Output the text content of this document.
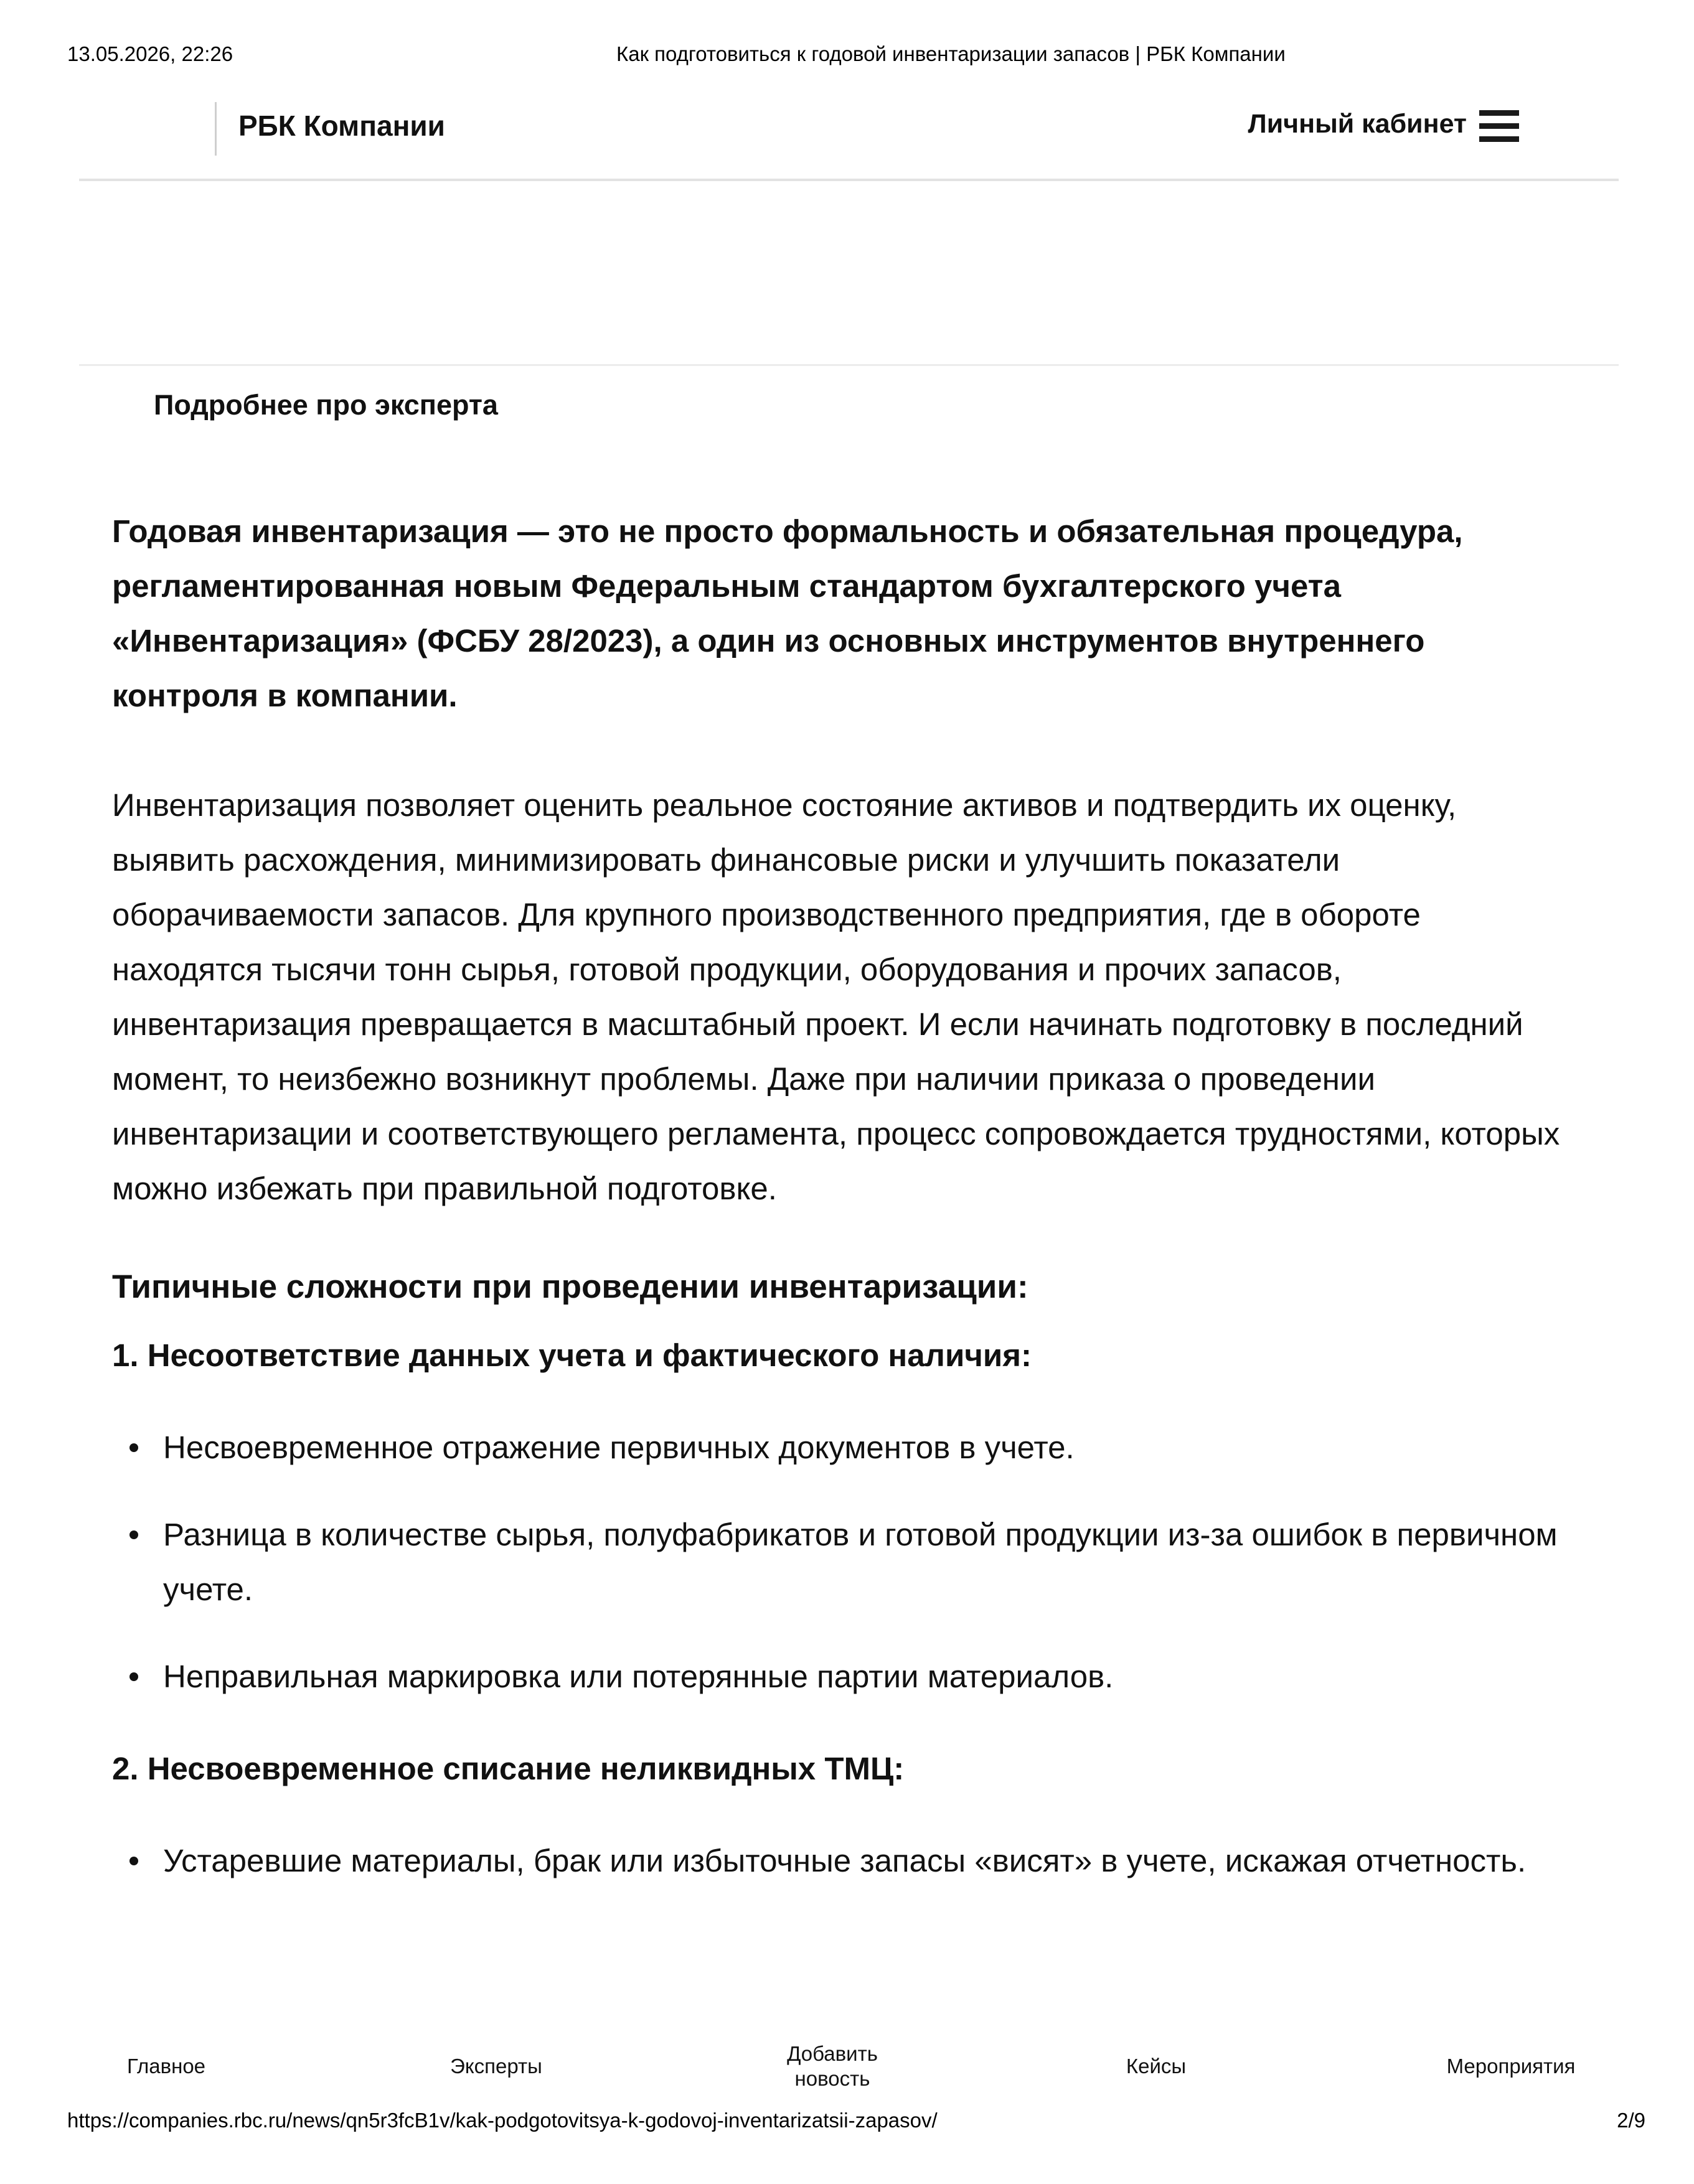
13.05.2026, 22:26	Как подготовиться к годовой инвентаризации запасов | РБК Компании
РБК Компании	Личный кабинет
Подробнее про эксперта

Годовая инвентаризация — это не просто формальность и обязательная процедура, регламентированная новым Федеральным стандартом бухгалтерского учета «Инвентаризация» (ФСБУ 28/2023), а один из основных инструментов внутреннего контроля в компании.

Инвентаризация позволяет оценить реальное состояние активов и подтвердить их оценку, выявить расхождения, минимизировать финансовые риски и улучшить показатели оборачиваемости запасов. Для крупного производственного предприятия, где в обороте находятся тысячи тонн сырья, готовой продукции, оборудования и прочих запасов, инвентаризация превращается в масштабный проект. И если начинать подготовку в последний момент, то неизбежно возникнут проблемы. Даже при наличии приказа о проведении инвентаризации и соответствующего регламента, процесс сопровождается трудностями, которых можно избежать при правильной подготовке.

Типичные сложности при проведении инвентаризации:
1. Несоответствие данных учета и фактического наличия:
Несвоевременное отражение первичных документов в учете.
Разница в количестве сырья, полуфабрикатов и готовой продукции из-за ошибок в первичном учете.
Неправильная маркировка или потерянные партии материалов.
2. Несвоевременное списание неликвидных ТМЦ:
Устаревшие материалы, брак или избыточные запасы «висят» в учете, искажая отчетность.
Главное	Эксперты
Добавить новость
Кейсы	Мероприятия
https://companies.rbc.ru/news/qn5r3fcB1v/kak-podgotovitsya-k-godovoj-inventarizatsii-zapasov/	2/9
